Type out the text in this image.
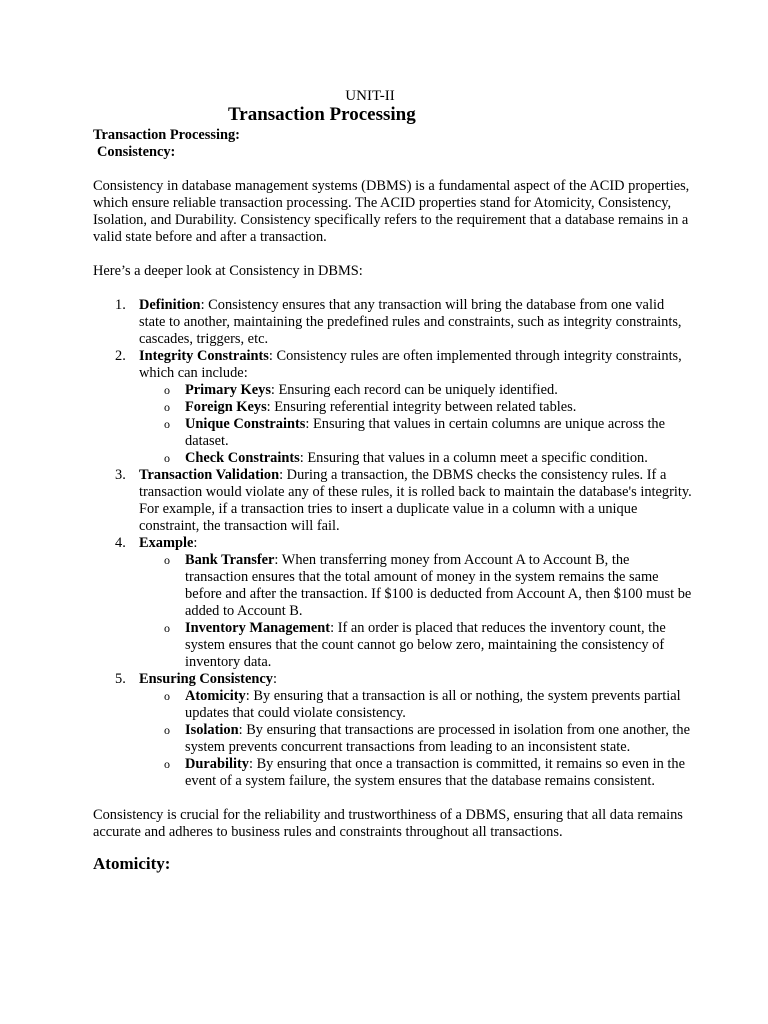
UNIT-II
Transaction Processing

Transaction Processing:

Consistency:

Consistency in database management systems (DBMS) is a fundamental aspect of the ACID properties, which ensure reliable transaction processing. The ACID properties stand for Atomicity, Consistency, Isolation, and Durability. Consistency specifically refers to the requirement that a database remains in a valid state before and after a transaction.

Here’s a deeper look at Consistency in DBMS:

1. Definition: Consistency ensures that any transaction will bring the database from one valid state to another, maintaining the predefined rules and constraints, such as integrity constraints, cascades, triggers, etc.
2. Integrity Constraints: Consistency rules are often implemented through integrity constraints, which can include:
o Primary Keys: Ensuring each record can be uniquely identified.
o Foreign Keys: Ensuring referential integrity between related tables.
o Unique Constraints: Ensuring that values in certain columns are unique across the dataset.
o Check Constraints: Ensuring that values in a column meet a specific condition.
3. Transaction Validation: During a transaction, the DBMS checks the consistency rules. If a transaction would violate any of these rules, it is rolled back to maintain the database's integrity. For example, if a transaction tries to insert a duplicate value in a column with a unique constraint, the transaction will fail.
4. Example:
o Bank Transfer: When transferring money from Account A to Account B, the transaction ensures that the total amount of money in the system remains the same before and after the transaction. If $100 is deducted from Account A, then $100 must be added to Account B.
o Inventory Management: If an order is placed that reduces the inventory count, the system ensures that the count cannot go below zero, maintaining the consistency of inventory data.
5. Ensuring Consistency:
o Atomicity: By ensuring that a transaction is all or nothing, the system prevents partial updates that could violate consistency.
o Isolation: By ensuring that transactions are processed in isolation from one another, the system prevents concurrent transactions from leading to an inconsistent state.
o Durability: By ensuring that once a transaction is committed, it remains so even in the event of a system failure, the system ensures that the database remains consistent.

Consistency is crucial for the reliability and trustworthiness of a DBMS, ensuring that all data remains accurate and adheres to business rules and constraints throughout all transactions.

Atomicity:
